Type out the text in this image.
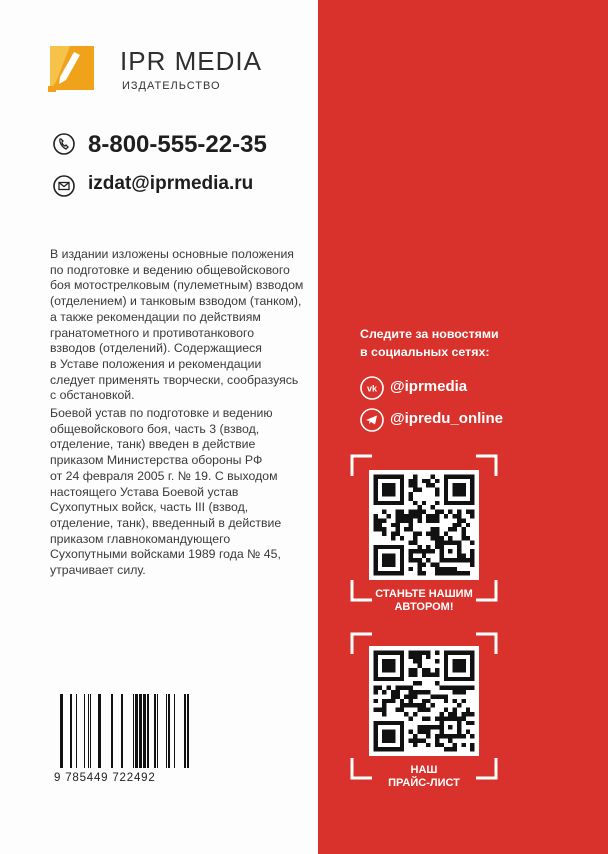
IPR MEDIA
ИЗДАТЕЛЬСТВО
8-800-555-22-35
izdat@iprmedia.ru

В издании изложены основные положения
по подготовке и ведению общевойскового
боя мотострелковым (пулеметным) взводом
(отделением) и танковым взводом (танком),
а также рекомендации по действиям
гранатометного и противотанкового
взводов (отделений). Содержащиеся
в Уставе положения и рекомендации
следует применять творчески, сообразуясь
с обстановкой.

Боевой устав по подготовке и ведению
общевойскового боя, часть 3 (взвод,
отделение, танк) введен в действие
приказом Министерства обороны РФ
от 24 февраля 2005 г. № 19. С выходом
настоящего Устава Боевой устав
Сухопутных войск, часть III (взвод,
отделение, танк), введенный в действие
приказом главнокомандующего
Сухопутными войсками 1989 года № 45,
утрачивает силу.

9 785449 722492
Следите за новостями
в социальных сетях:
vk @iprmedia
@ipredu_online
СТАНЬТЕ НАШИМ
АВТОРОМ!
НАШ
ПРАЙС-ЛИСТ
